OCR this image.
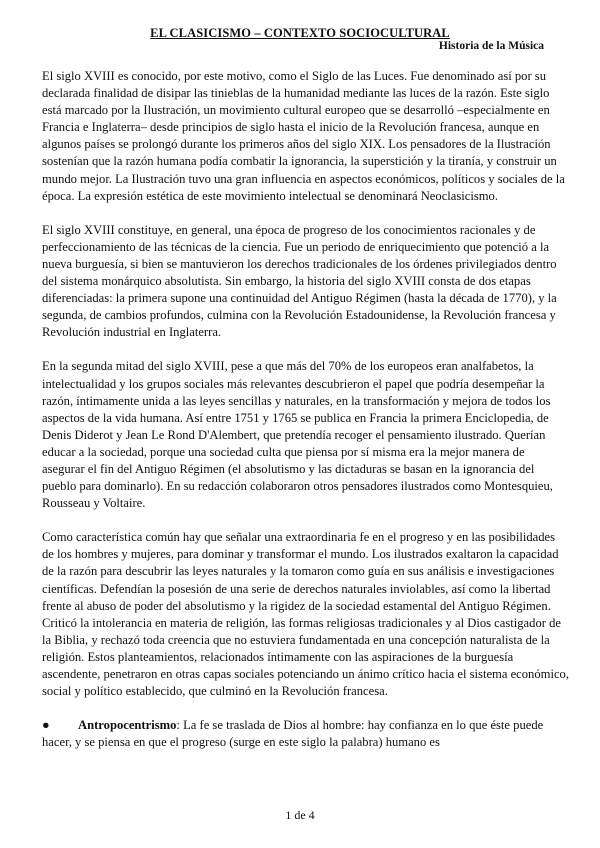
EL CLASICISMO – CONTEXTO SOCIOCULTURAL
Historia de la Música

El siglo XVIII es conocido, por este motivo, como el Siglo de las Luces. Fue denominado así por su declarada finalidad de disipar las tinieblas de la humanidad mediante las luces de la razón. Este siglo está marcado por la Ilustración, un movimiento cultural europeo que se desarrolló –especialmente en Francia e Inglaterra– desde principios de siglo hasta el inicio de la Revolución francesa, aunque en algunos países se prolongó durante los primeros años del siglo XIX. Los pensadores de la Ilustración sostenían que la razón humana podía combatir la ignorancia, la superstición y la tiranía, y construir un mundo mejor. La Ilustración tuvo una gran influencia en aspectos económicos, políticos y sociales de la época. La expresión estética de este movimiento intelectual se denominará Neoclasicismo.

El siglo XVIII constituye, en general, una época de progreso de los conocimientos racionales y de perfeccionamiento de las técnicas de la ciencia. Fue un periodo de enriquecimiento que potenció a la nueva burguesía, si bien se mantuvieron los derechos tradicionales de los órdenes privilegiados dentro del sistema monárquico absolutista. Sin embargo, la historia del siglo XVIII consta de dos etapas diferenciadas: la primera supone una continuidad del Antiguo Régimen (hasta la década de 1770), y la segunda, de cambios profundos, culmina con la Revolución Estadounidense, la Revolución francesa y Revolución industrial en Inglaterra.

En la segunda mitad del siglo XVIII, pese a que más del 70% de los europeos eran analfabetos, la intelectualidad y los grupos sociales más relevantes descubrieron el papel que podría desempeñar la razón, íntimamente unida a las leyes sencillas y naturales, en la transformación y mejora de todos los aspectos de la vida humana. Así entre 1751 y 1765 se publica en Francia la primera Enciclopedia, de Denis Diderot y Jean Le Rond D'Alembert, que pretendía recoger el pensamiento ilustrado. Querían educar a la sociedad, porque una sociedad culta que piensa por sí misma era la mejor manera de asegurar el fin del Antiguo Régimen (el absolutismo y las dictaduras se basan en la ignorancia del pueblo para dominarlo). En su redacción colaboraron otros pensadores ilustrados como Montesquieu, Rousseau y Voltaire.

Como característica común hay que señalar una extraordinaria fe en el progreso y en las posibilidades de los hombres y mujeres, para dominar y transformar el mundo. Los ilustrados exaltaron la capacidad de la razón para descubrir las leyes naturales y la tomaron como guía en sus análisis e investigaciones científicas. Defendían la posesión de una serie de derechos naturales inviolables, así como la libertad frente al abuso de poder del absolutismo y la rigidez de la sociedad estamental del Antiguo Régimen. Criticó la intolerancia en materia de religión, las formas religiosas tradicionales y al Dios castigador de la Biblia, y rechazó toda creencia que no estuviera fundamentada en una concepción naturalista de la religión. Estos planteamientos, relacionados íntimamente con las aspiraciones de la burguesía ascendente, penetraron en otras capas sociales potenciando un ánimo crítico hacia el sistema económico, social y político establecido, que culminó en la Revolución francesa.

● Antropocentrismo: La fe se traslada de Dios al hombre: hay confianza en lo que éste puede hacer, y se piensa en que el progreso (surge en este siglo la palabra) humano es

1 de 4
